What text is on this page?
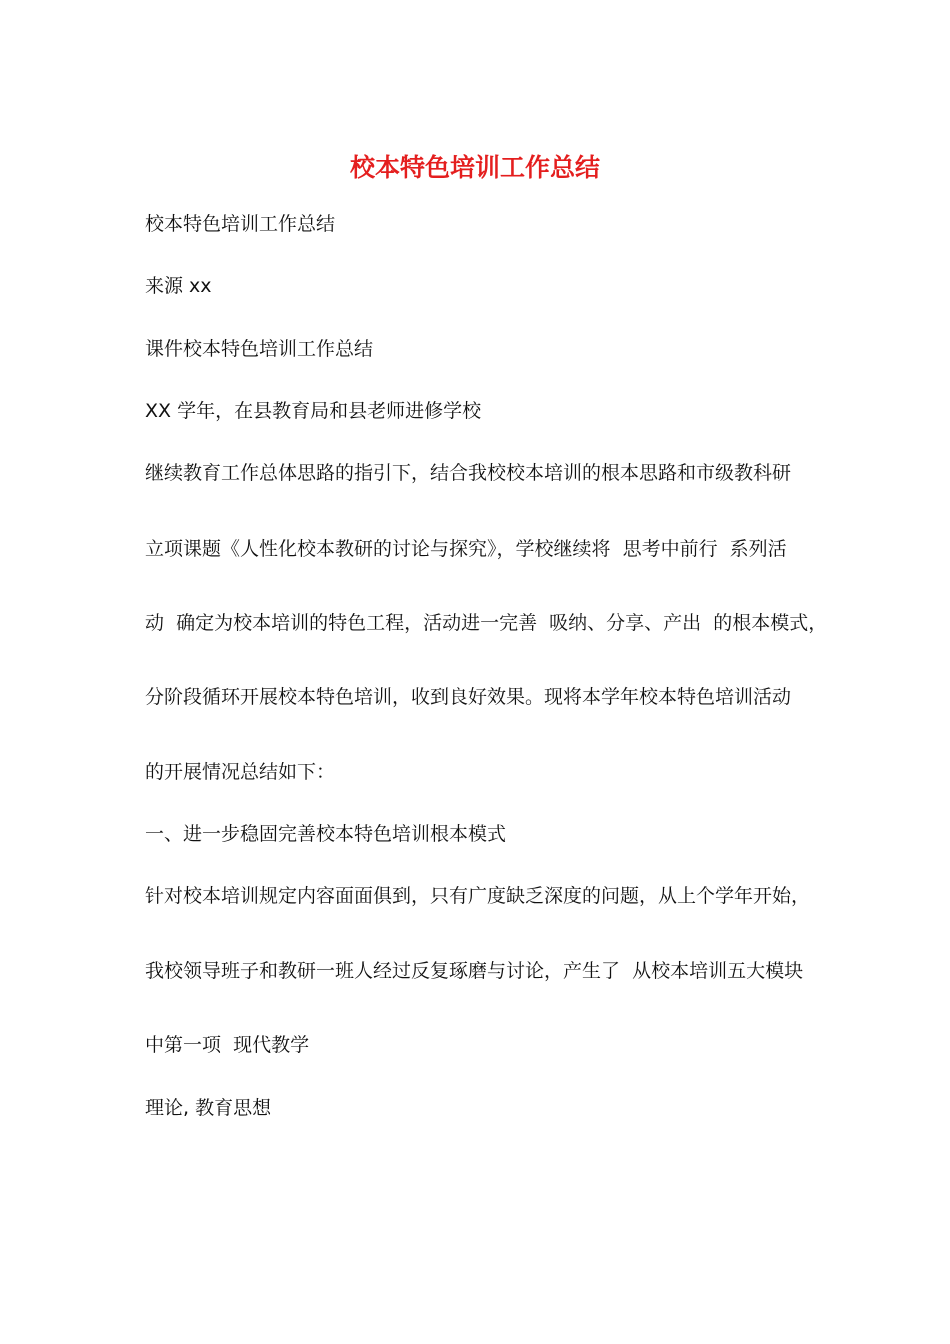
校本特色培训工作总结

校本特色培训工作总结

来源 xx

课件校本特色培训工作总结

XX 学年，在县教育局和县老师进修学校

继续教育工作总体思路的指引下，结合我校校本培训的根本思路和市级教科研

立项课题《人性化校本教研的讨论与探究》，学校继续将  思考中前行  系列活

动  确定为校本培训的特色工程，活动进一完善  吸纳、分享、产出  的根本模式，

分阶段循环开展校本特色培训，收到良好效果。现将本学年校本特色培训活动

的开展情况总结如下：

一、进一步稳固完善校本特色培训根本模式

针对校本培训规定内容面面俱到，只有广度缺乏深度的问题，从上个学年开始，

我校领导班子和教研一班人经过反复琢磨与讨论，产生了  从校本培训五大模块

中第一项  现代教学

理论, 教育思想
